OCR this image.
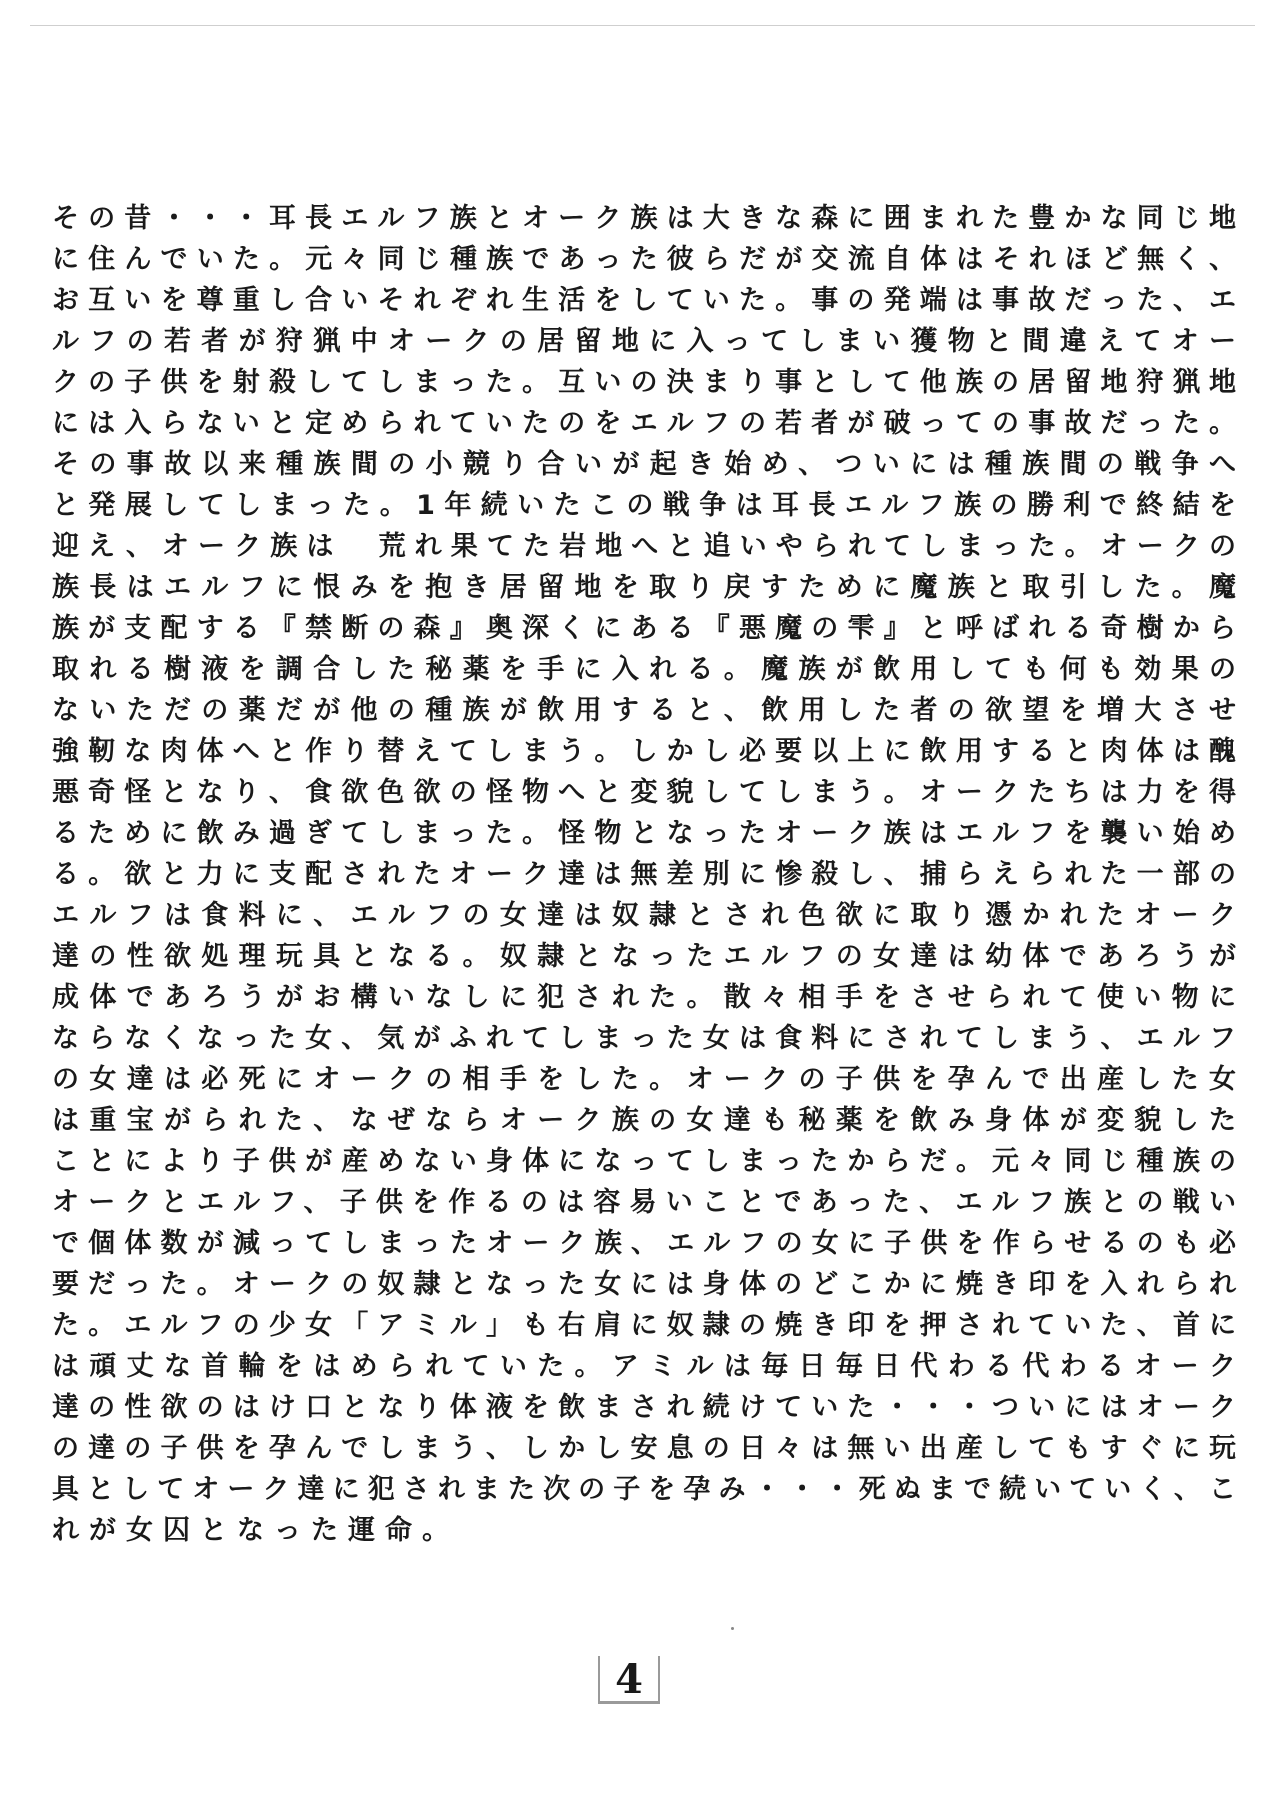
その昔・・・耳長エルフ族とオーク族は大きな森に囲まれた豊かな同じ地
に住んでいた。元々同じ種族であった彼らだが交流自体はそれほど無く、
お互いを尊重し合いそれぞれ生活をしていた。事の発端は事故だった、エ
ルフの若者が狩猟中オークの居留地に入ってしまい獲物と間違えてオー
クの子供を射殺してしまった。互いの決まり事として他族の居留地狩猟地
には入らないと定められていたのをエルフの若者が破っての事故だった。
その事故以来種族間の小競り合いが起き始め、ついには種族間の戦争へ
と発展してしまった。1年続いたこの戦争は耳長エルフ族の勝利で終結を
迎え、オーク族は　荒れ果てた岩地へと追いやられてしまった。オークの
族長はエルフに恨みを抱き居留地を取り戻すために魔族と取引した。魔
族が支配する『禁断の森』奥深くにある『悪魔の雫』と呼ばれる奇樹から
取れる樹液を調合した秘薬を手に入れる。魔族が飲用しても何も効果の
ないただの薬だが他の種族が飲用すると、飲用した者の欲望を増大させ
強靭な肉体へと作り替えてしまう。しかし必要以上に飲用すると肉体は醜
悪奇怪となり、食欲色欲の怪物へと変貌してしまう。オークたちは力を得
るために飲み過ぎてしまった。怪物となったオーク族はエルフを襲い始め
る。欲と力に支配されたオーク達は無差別に惨殺し、捕らえられた一部の
エルフは食料に、エルフの女達は奴隷とされ色欲に取り憑かれたオーク
達の性欲処理玩具となる。奴隷となったエルフの女達は幼体であろうが
成体であろうがお構いなしに犯された。散々相手をさせられて使い物に
ならなくなった女、気がふれてしまった女は食料にされてしまう、エルフ
の女達は必死にオークの相手をした。オークの子供を孕んで出産した女
は重宝がられた、なぜならオーク族の女達も秘薬を飲み身体が変貌した
ことにより子供が産めない身体になってしまったからだ。元々同じ種族の
オークとエルフ、子供を作るのは容易いことであった、エルフ族との戦い
で個体数が減ってしまったオーク族、エルフの女に子供を作らせるのも必
要だった。オークの奴隷となった女には身体のどこかに焼き印を入れられ
た。エルフの少女「アミル」も右肩に奴隷の焼き印を押されていた、首に
は頑丈な首輪をはめられていた。アミルは毎日毎日代わる代わるオーク
達の性欲のはけ口となり体液を飲まされ続けていた・・・ついにはオーク
の達の子供を孕んでしまう、しかし安息の日々は無い出産してもすぐに玩
具としてオーク達に犯されまた次の子を孕み・・・死ぬまで続いていく、こ
れが女囚となった運命。
4
